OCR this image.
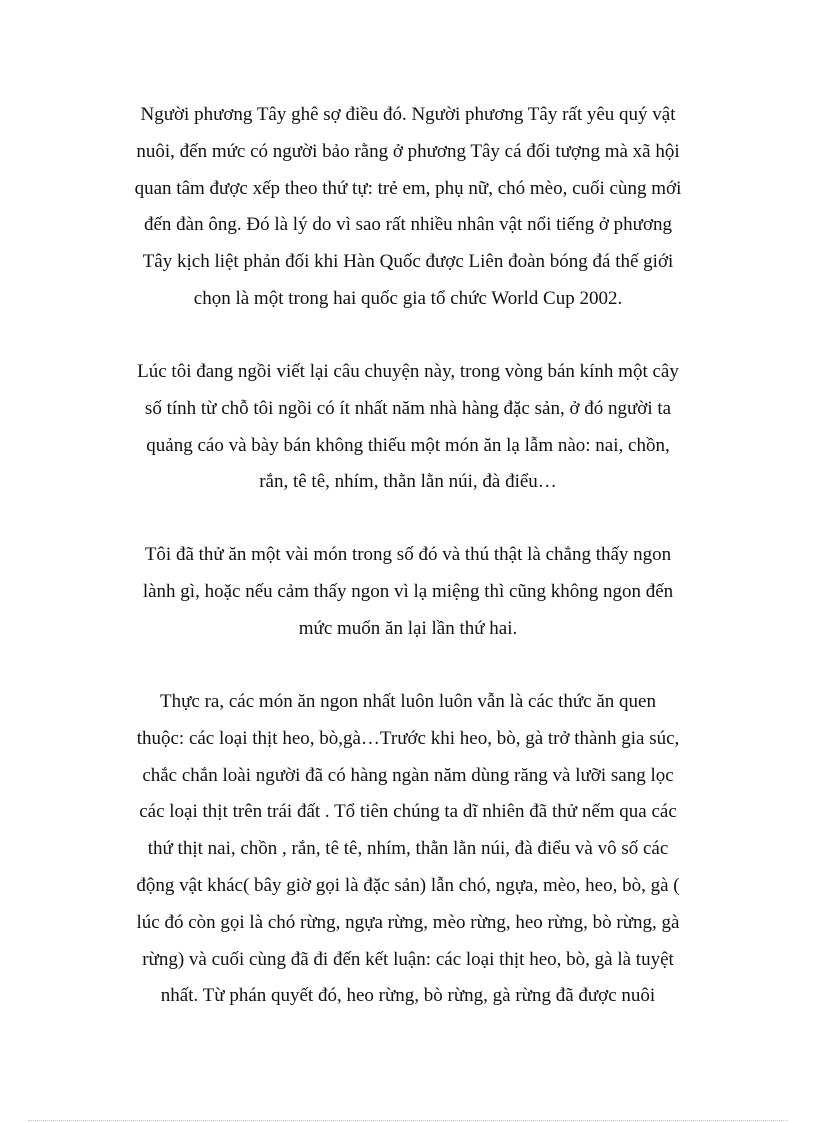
Người phương Tây ghê sợ điều đó. Người phương Tây rất yêu quý vật
nuôi, đến mức có người bảo rằng ở phương Tây cá đối tượng mà xã hội
quan tâm được xếp theo thứ tự: trẻ em, phụ nữ, chó mèo, cuối cùng mới
đến đàn ông. Đó là lý do vì sao rất nhiều nhân vật nổi tiếng ở phương
Tây kịch liệt phản đối khi Hàn Quốc được Liên đoàn bóng đá thế giới
chọn là một trong hai quốc gia tổ chức World Cup 2002.

Lúc tôi đang ngồi viết lại câu chuyện này, trong vòng bán kính một cây
số tính từ chỗ tôi ngồi có ít nhất năm nhà hàng đặc sản, ở đó người ta
quảng cáo và bày bán không thiếu một món ăn lạ lẫm nào: nai, chồn,
rắn, tê tê, nhím, thằn lằn núi, đà điểu…

Tôi đã thử ăn một vài món trong số đó và thú thật là chẳng thấy ngon
lành gì, hoặc nếu cảm thấy ngon vì lạ miệng thì cũng không ngon đến
mức muốn ăn lại lần thứ hai.

Thực ra, các món ăn ngon nhất luôn luôn vẫn là các thức ăn quen
thuộc: các loại thịt heo, bò,gà…Trước khi heo, bò, gà trở thành gia súc,
chắc chắn loài người đã có hàng ngàn năm dùng răng và lưỡi sang lọc
các loại thịt trên trái đất . Tổ tiên chúng ta dĩ nhiên đã thử nếm qua các
thứ thịt nai, chồn , rắn, tê tê, nhím, thằn lằn núi, đà điểu và vô số các
động vật khác( bây giờ gọi là đặc sản) lẫn chó, ngựa, mèo, heo, bò, gà (
lúc đó còn gọi là chó rừng, ngựa rừng, mèo rừng, heo rừng, bò rừng, gà
rừng) và cuối cùng đã đi đến kết luận: các loại thịt heo, bò, gà là tuyệt
nhất. Từ phán quyết đó, heo rừng, bò rừng, gà rừng đã được nuôi
